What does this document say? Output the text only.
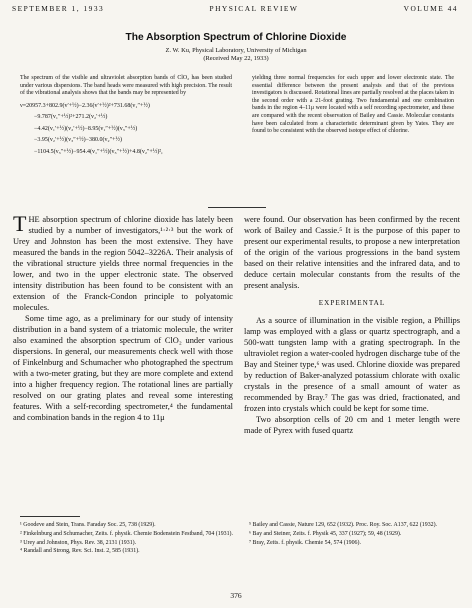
SEPTEMBER 1, 1933	PHYSICAL REVIEW	VOLUME 44
The Absorption Spectrum of Chlorine Dioxide
Z. W. Ku, Physical Laboratory, University of Michigan
(Received May 22, 1933)

The spectrum of the visible and ultraviolet absorption bands of ClO₂ has been studied under various dispersions. The band heads were measured with high precision. The result of the vibrational analysis shows that the bands may be represented by

ν=20957.3+802.9(v′+½)−2.36(v′+½)²+731.68(v₁″+½)
−9.787(v₁″+½)²+271.2(v₂′+½)
−4.42(v₁′+½)(v₂′+½)−8.95(v₁″+½)(v₃″+½)
−3.95(v₂′+½)(v₃″+½)−380.0(v₂″+½)
−1104.5(v₃″+½)−954.4(v₁″+½)(v₃″+½)+4.8(v₂″+½)²,

yielding three normal frequencies for each upper and lower electronic state. The essential difference between the present analysis and that of the previous investigators is discussed. Rotational lines are partially resolved at the places taken in the second order with a 21-foot grating. Two fundamental and one combination bands in the region 4–11μ were located with a self recording spectrometer, and these are compared with the recent observation of Bailey and Cassie. Molecular constants have been calculated from a characteristic determinant given by Yates. They are found to be consistent with the observed isotope effect of chlorine.

THE absorption spectrum of chlorine dioxide has lately been studied by a number of investigators,¹·²·³ but the work of Urey and Johnston has been the most extensive. They have measured the bands in the region 5042–3226A. Their analysis of the vibrational structure yields three normal frequencies in the lower, and two in the upper electronic state. The observed intensity distribution has been found to be consistent with an extension of the Franck-Condon principle to polyatomic molecules.

Some time ago, as a preliminary for our study of intensity distribution in a band system of a triatomic molecule, the writer also examined the absorption spectrum of ClO₂ under various dispersions. In general, our measurements check well with those of Finkelnburg and Schumacher who photographed the spectrum with a two-meter grating, but they are more complete and extend into a higher frequency region. The rotational lines are partially resolved on our grating plates and reveal some interesting features. With a self-recording spectrometer,⁴ the fundamental and combination bands in the region 4 to 11μ

were found. Our observation has been confirmed by the recent work of Bailey and Cassie.⁵ It is the purpose of this paper to present our experimental results, to propose a new interpretation of the origin of the various progressions in the band system based on their relative intensities and the infrared data, and to deduce certain molecular constants from the results of the present analysis.

EXPERIMENTAL

As a source of illumination in the visible region, a Phillips lamp was employed with a glass or quartz spectrograph, and a 500-watt tungsten lamp with a grating spectrograph. In the ultraviolet region a water-cooled hydrogen discharge tube of the Bay and Steiner type,⁶ was used. Chlorine dioxide was prepared by reduction of Baker-analyzed potassium chlorate with oxalic crystals in the presence of a small amount of water as recommended by Bray.⁷ The gas was dried, fractionated, and frozen into crystals which could be kept for some time.

Two absorption cells of 20 cm and 1 meter length were made of Pyrex with fused quartz

¹ Goodeve and Stein, Trans. Faraday Soc. 25, 738 (1929).
² Finkelnburg and Schumacher, Zeits. f. physik. Chemie Bodenstein Festband, 704 (1931).
³ Urey and Johnston, Phys. Rev. 38, 2131 (1931).
⁴ Randall and Strong, Rev. Sci. Inst. 2, 585 (1931).
⁵ Bailey and Cassie, Nature 129, 652 (1932). Proc. Roy. Soc. A137, 622 (1932).
⁶ Bay and Steiner, Zeits. f. Physik 45, 337 (1927); 59, 48 (1929).
⁷ Bray, Zeits. f. physik. Chemie 54, 574 (1906).
376
